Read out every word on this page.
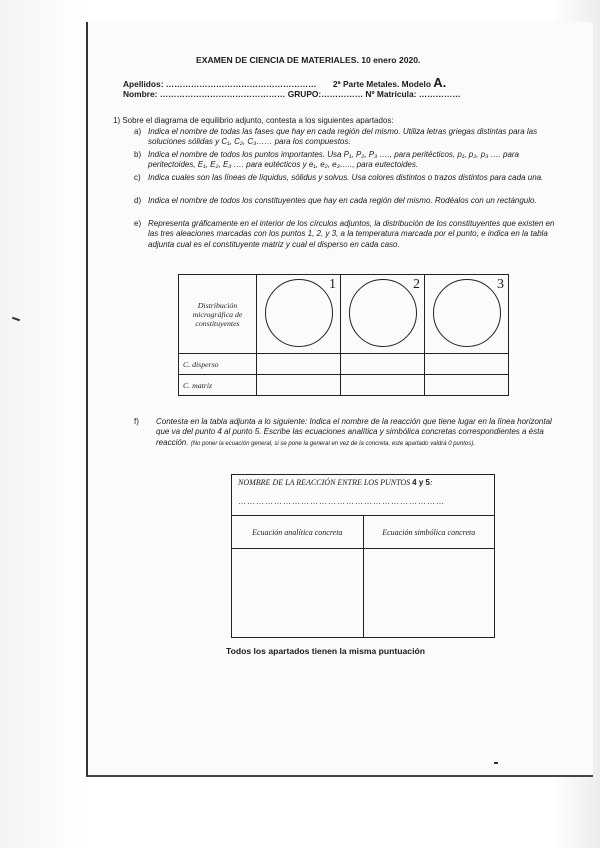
EXAMEN DE CIENCIA DE MATERIALES. 10 enero 2020.
Apellidos: ……………………………………………… 2ª Parte Metales. Modelo A.
Nombre: ……………………………………… GRUPO:…………… Nº Matrícula: ……………
1) Sobre el diagrama de equilibrio adjunto, contesta a los siguientes apartados:
a) Indica el nombre de todas las fases que hay en cada región del mismo. Utiliza letras griegas distintas para las soluciones sólidas y C₁, C₂, C₃…… para los compuestos.
b) Indica el nombre de todos los puntos importantes. Usa P₁, P₂, P₃ …., para peritécticos, p₁, p₂, p₃ …. para peritectoides, E₁, E₂, E₃ …. para eutécticos y e₁, e₂, e₃….., para eutectoides.
c) Indica cuales son las líneas de líquidus, sólidus y solvus. Usa colores distintos o trazos distintos para cada una.
d) Indica el nombre de todos los constituyentes que hay en cada región del mismo. Rodéalos con un rectángulo.
e) Representa gráficamente en el interior de los círculos adjuntos, la distribución de los constituyentes que existen en las tres aleaciones marcadas con los puntos 1, 2, y 3, a la temperatura marcada por el punto, e indica en la tabla adjunta cual es el constituyente matriz y cual el disperso en cada caso.
Distribución micrográfica de constituyentes	1	2	3

C. disperso			
C. matriz			
f) Contesta en la tabla adjunta a lo siguiente: Indica el nombre de la reacción que tiene lugar en la línea horizontal que va del punto 4 al punto 5. Escribe las ecuaciones analítica y simbólica concretas correspondientes a ésta reacción. (No poner la ecuación general, si se pone la general en vez de la concreta, este apartado valdrá 0 puntos).
NOMBRE DE LA REACCIÓN ENTRE LOS PUNTOS 4 y 5:
……………………………………………………………	

Ecuación analítica concreta	Ecuación simbólica concreta

Todos los apartados tienen la misma puntuación
